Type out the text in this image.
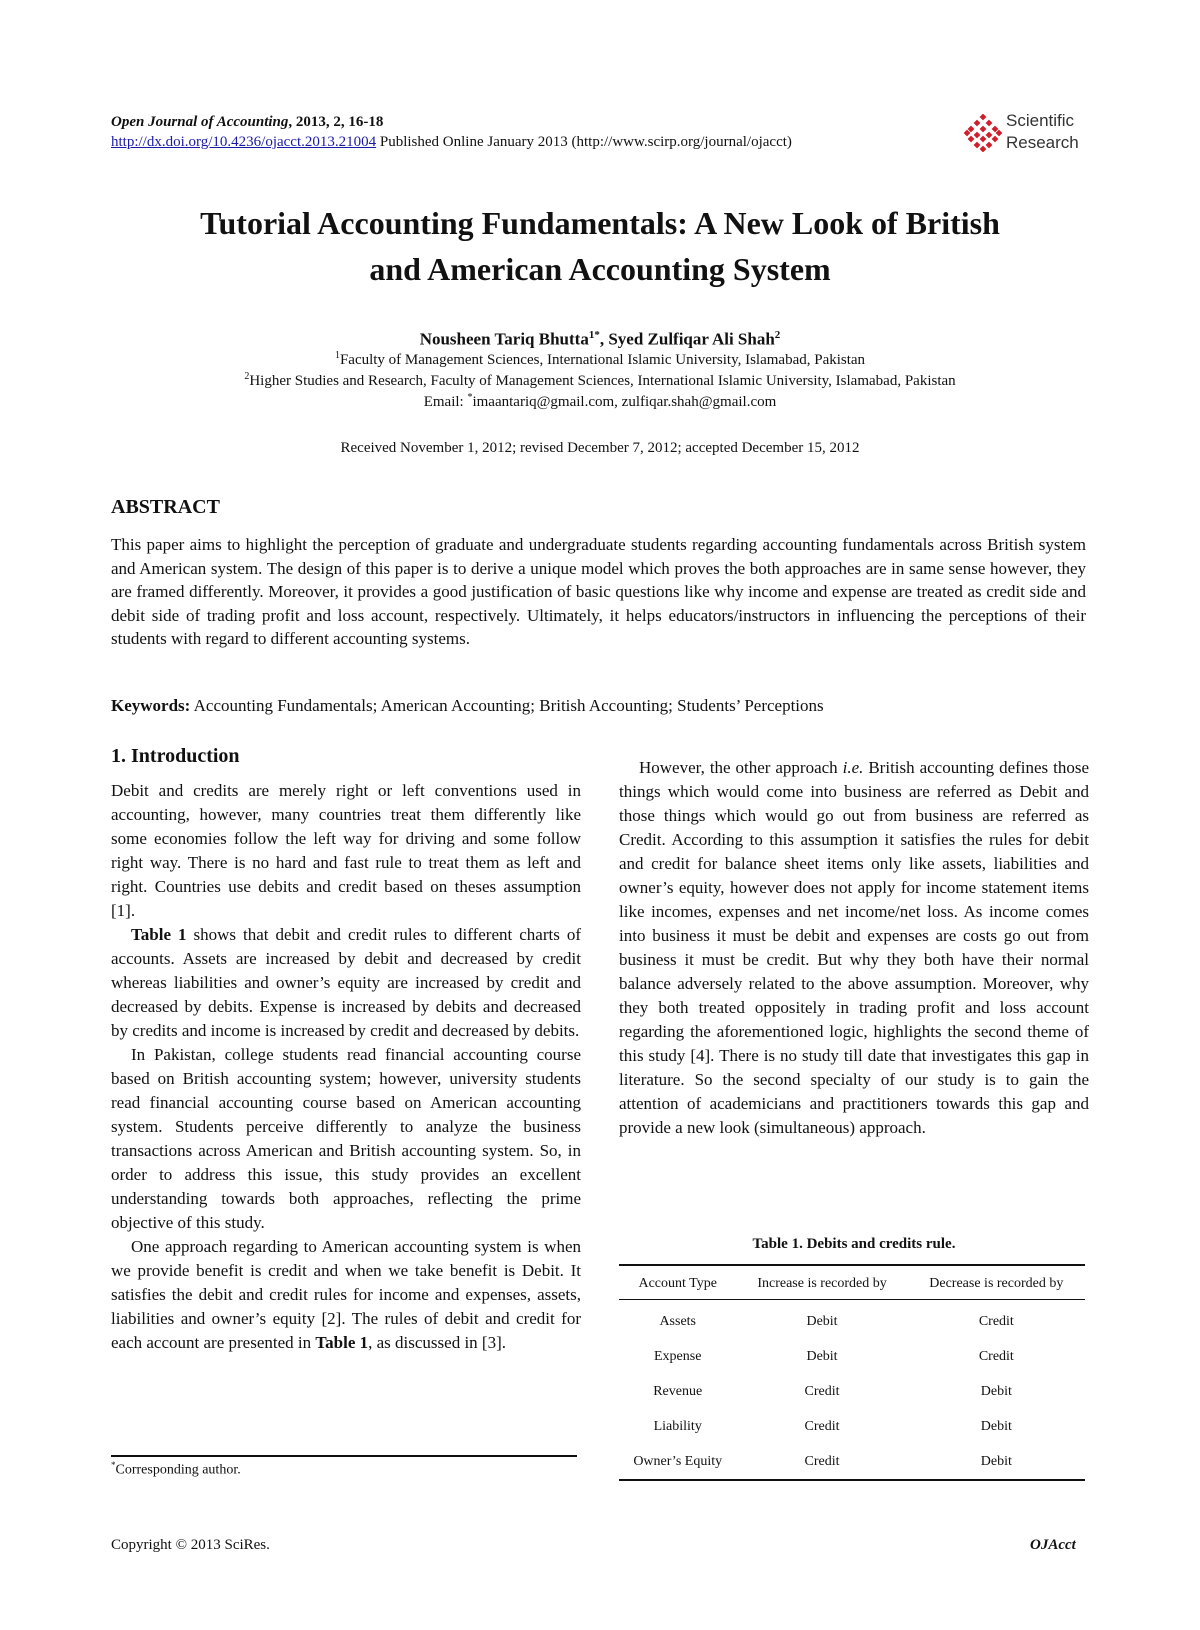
Open Journal of Accounting, 2013, 2, 16-18
http://dx.doi.org/10.4236/ojacct.2013.21004 Published Online January 2013 (http://www.scirp.org/journal/ojacct)
Scientific
Research
Tutorial Accounting Fundamentals: A New Look of British
and American Accounting System
Nousheen Tariq Bhutta$^{1*}$, Syed Zulfiqar Ali Shah$^2$
$^1$Faculty of Management Sciences, International Islamic University, Islamabad, Pakistan
$^2$Higher Studies and Research, Faculty of Management Sciences, International Islamic University, Islamabad, Pakistan
Email: *imaantariq@gmail.com, zulfiqar.shah@gmail.com
Received November 1, 2012; revised December 7, 2012; accepted December 15, 2012
ABSTRACT

This paper aims to highlight the perception of graduate and undergraduate students regarding accounting fundamentals across British system and American system. The design of this paper is to derive a unique model which proves the both approaches are in same sense however, they are framed differently. Moreover, it provides a good justification of basic questions like why income and expense are treated as credit side and debit side of trading profit and loss account, respectively. Ultimately, it helps educators/instructors in influencing the perceptions of their students with regard to different accounting systems.

Keywords: Accounting Fundamentals; American Accounting; British Accounting; Students’ Perceptions
1. Introduction

Debit and credits are merely right or left conventions used in accounting, however, many countries treat them differently like some economies follow the left way for driving and some follow right way. There is no hard and fast rule to treat them as left and right. Countries use debits and credit based on theses assumption [1].

Table 1 shows that debit and credit rules to different charts of accounts. Assets are increased by debit and decreased by credit whereas liabilities and owner’s equity are increased by credit and decreased by debits. Expense is increased by debits and decreased by credits and income is increased by credit and decreased by debits.

In Pakistan, college students read financial accounting course based on British accounting system; however, university students read financial accounting course based on American accounting system. Students perceive differently to analyze the business transactions across American and British accounting system. So, in order to address this issue, this study provides an excellent understanding towards both approaches, reflecting the prime objective of this study.

One approach regarding to American accounting system is when we provide benefit is credit and when we take benefit is Debit. It satisfies the debit and credit rules for income and expenses, assets, liabilities and owner’s equity [2]. The rules of debit and credit for each account are presented in Table 1, as discussed in [3].

*Corresponding author.

However, the other approach i.e. British accounting defines those things which would come into business are referred as Debit and those things which would go out from business are referred as Credit. According to this assumption it satisfies the rules for debit and credit for balance sheet items only like assets, liabilities and owner’s equity, however does not apply for income statement items like incomes, expenses and net income/net loss. As income comes into business it must be debit and expenses are costs go out from business it must be credit. But why they both have their normal balance adversely related to the above assumption. Moreover, why they both treated oppositely in trading profit and loss account regarding the aforementioned logic, highlights the second theme of this study [4]. There is no study till date that investigates this gap in literature. So the second specialty of our study is to gain the attention of academicians and practitioners towards this gap and provide a new look (simultaneous) approach.

Table 1. Debits and credits rule.
Account Type	Increase is recorded by	Decrease is recorded by
Assets	Debit	Credit
Expense	Debit	Credit
Revenue	Credit	Debit
Liability	Credit	Debit
Owner’s Equity	Credit	Debit
Copyright © 2013 SciRes.	OJAcct
